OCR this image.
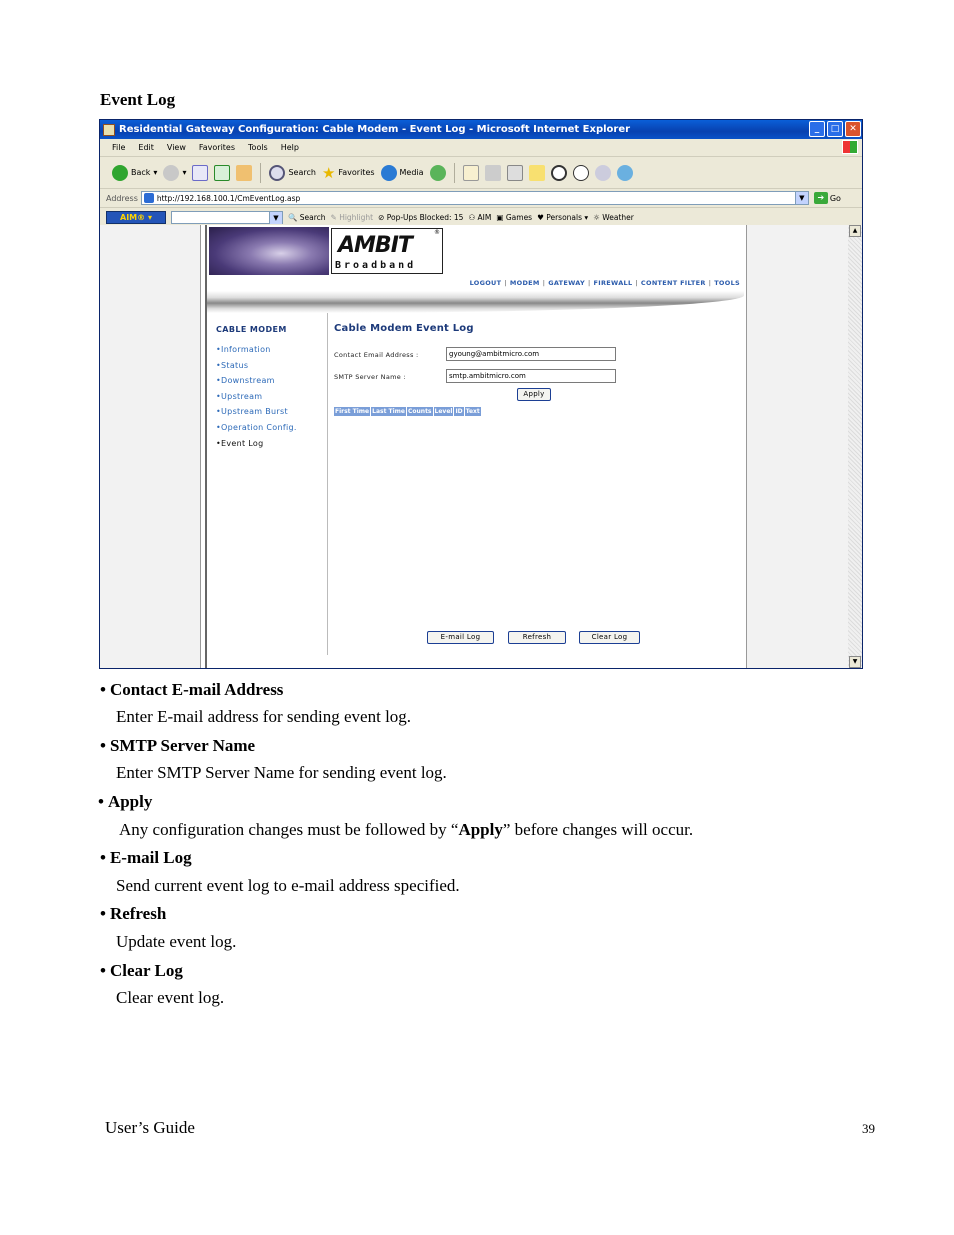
Event Log
Residential Gateway Configuration: Cable Modem - Event Log - Microsoft Internet Explorer	_	□	✕
File Edit View Favorites Tools Help
Back ▾	▾	Search ★ Favorites	Media
Address	http://192.168.100.1/CmEventLog.asp	▼	➔ Go
AIM® ▾	▼	🔍 Search ✎ Highlight ⊘ Pop-Ups Blocked: 15 ⚇ AIM ▣ Games ♥ Personals ▾ ☼ Weather
▲
▼
AMBIT
Broadband
®
LOGOUT | MODEM | GATEWAY | FIREWALL | CONTENT FILTER | TOOLS
CABLE MODEM
•Information
•Status
•Downstream
•Upstream
•Upstream Burst
•Operation Config.
•Event Log
Cable Modem Event Log
Contact Email Address :
gyoung@ambitmicro.com
SMTP Server Name :
smtp.ambitmicro.com
Apply
First Time Last Time Counts Level ID Text
E-mail Log	Refresh	Clear Log
• Contact E-mail Address
Enter E-mail address for sending event log.
• SMTP Server Name
Enter SMTP Server Name for sending event log.
• Apply
Any configuration changes must be followed by “Apply” before changes will occur.
• E-mail Log
Send current event log to e-mail address specified.
• Refresh
Update event log.
• Clear Log
Clear event log.
User’s Guide	39
